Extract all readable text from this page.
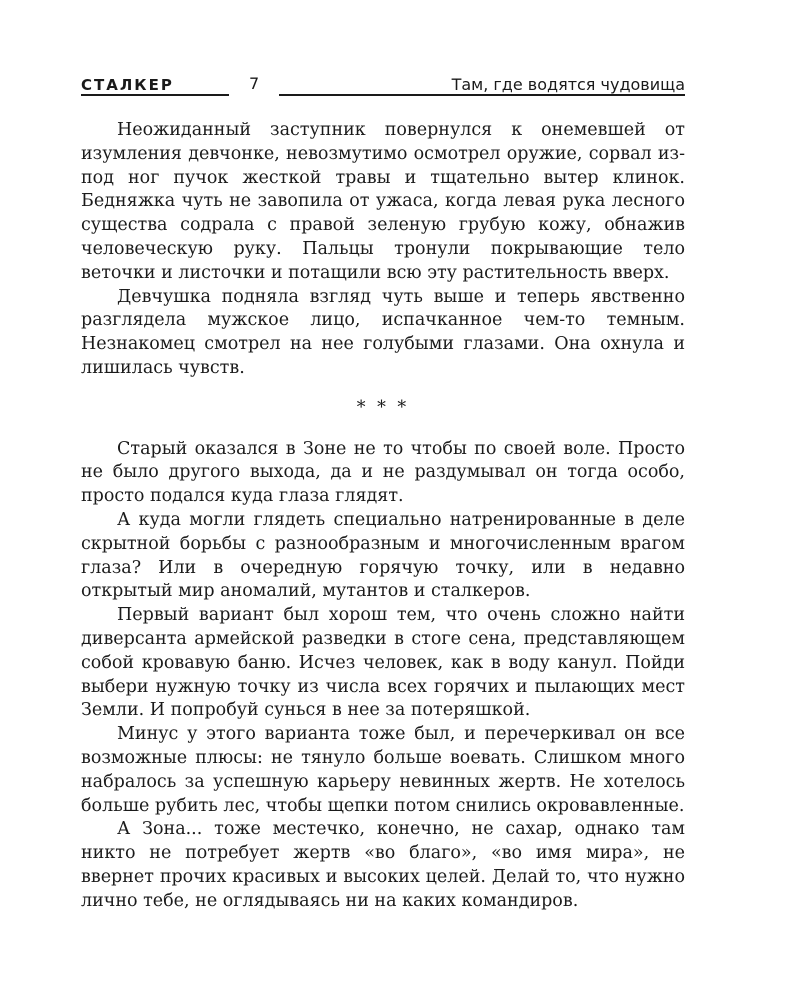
СТАЛКЕР	7	Там, где водятся чудовища

Неожиданный заступник повернулся к онемевшей от изумления девчонке, невозмутимо осмотрел оружие, сорвал из-под ног пучок жесткой травы и тщательно вытер клинок. Бедняжка чуть не завопила от ужаса, когда левая рука лесного существа содрала с правой зеленую грубую кожу, обнажив человеческую руку. Пальцы тронули покрывающие тело веточки и листочки и потащили всю эту растительность вверх.

Девчушка подняла взгляд чуть выше и теперь явственно разглядела мужское лицо, испачканное чем-то темным. Незнакомец смотрел на нее голубыми глазами. Она охнула и лишилась чувств.

* * *

Старый оказался в Зоне не то чтобы по своей воле. Просто не было другого выхода, да и не раздумывал он тогда особо, просто подался куда глаза глядят.

А куда могли глядеть специально натренированные в деле скрытной борьбы с разнообразным и многочисленным врагом глаза? Или в очередную горячую точку, или в недавно открытый мир аномалий, мутантов и сталкеров.

Первый вариант был хорош тем, что очень сложно найти диверсанта армейской разведки в стоге сена, представляющем собой кровавую баню. Исчез человек, как в воду канул. Пойди выбери нужную точку из числа всех горячих и пылающих мест Земли. И попробуй сунься в нее за потеряшкой.

Минус у этого варианта тоже был, и перечеркивал он все возможные плюсы: не тянуло больше воевать. Слишком много набралось за успешную карьеру невинных жертв. Не хотелось больше рубить лес, чтобы щепки потом снились окровавленные.

А Зона... тоже местечко, конечно, не сахар, однако там никто не потребует жертв «во благо», «во имя мира», не ввернет прочих красивых и высоких целей. Делай то, что нужно лично тебе, не оглядываясь ни на каких командиров.
